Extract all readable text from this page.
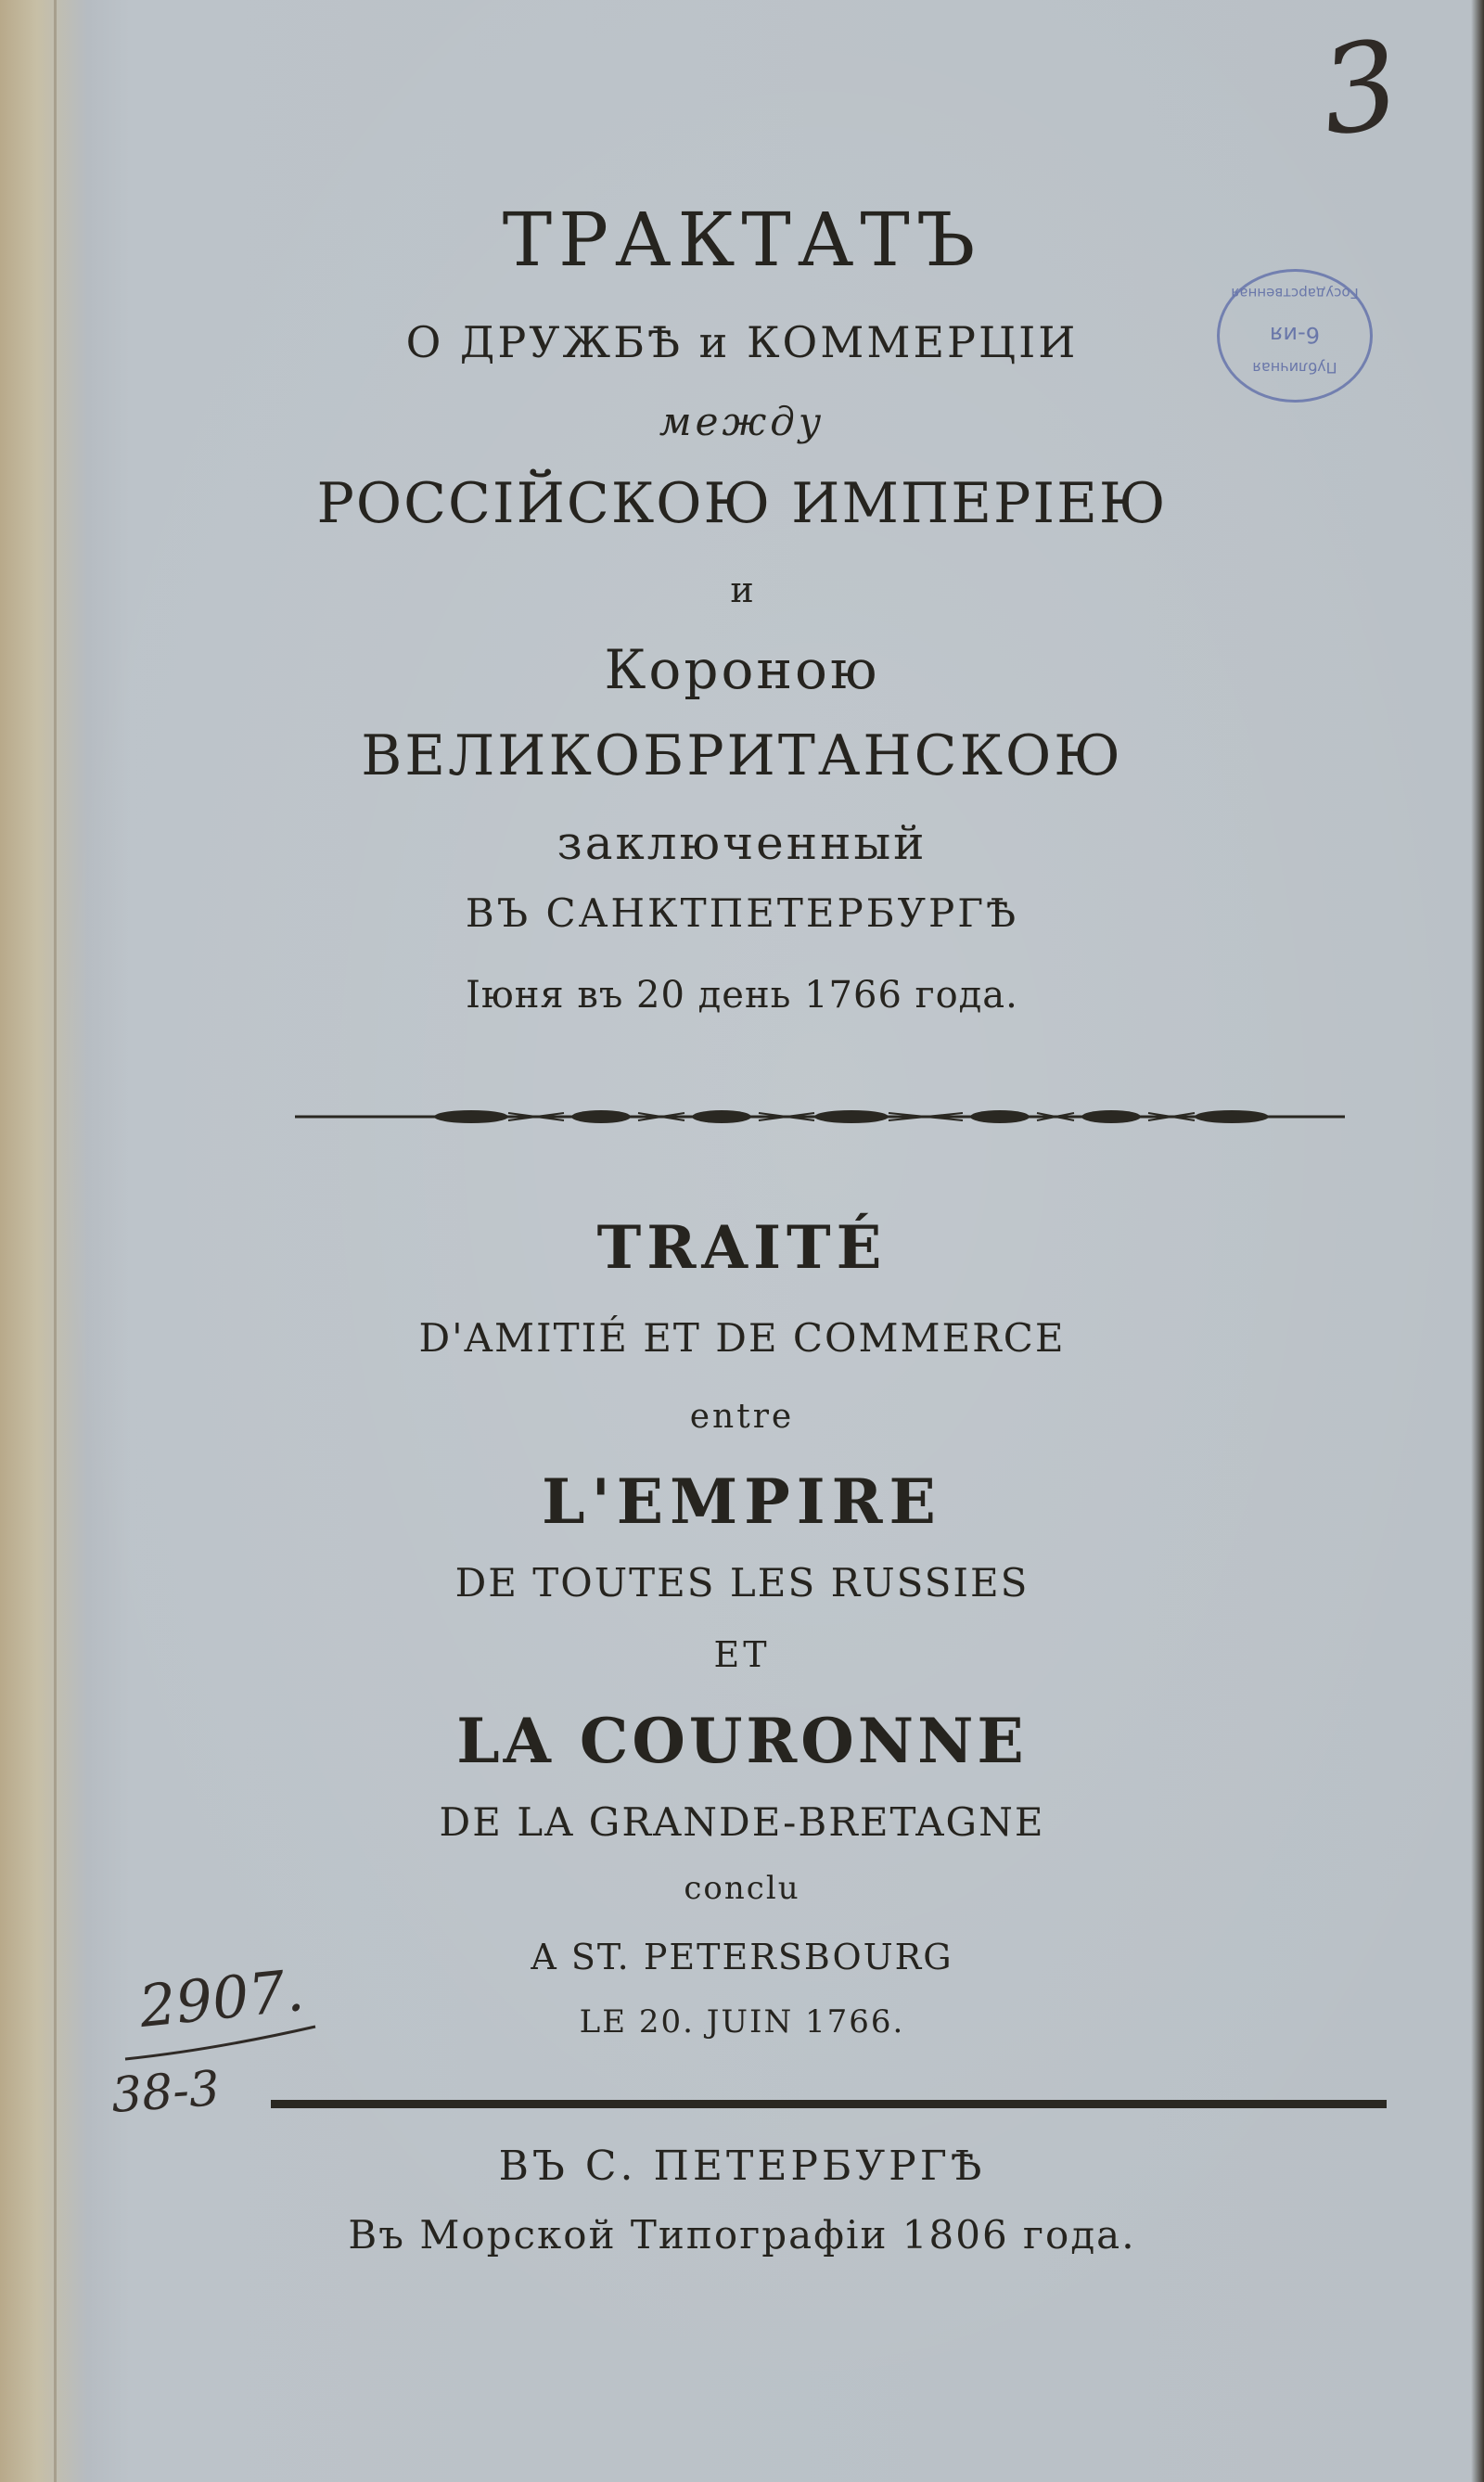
3
Государственная
6-ия
Публичная
ТРАКТАТЪ
О ДРУЖБѢ и КОММЕРЦІИ
между
РОССІЙСКОЮ ИМПЕРІЕЮ
и
Короною
ВЕЛИКОБРИТАНСКОЮ
заключенный
ВЪ САНКТПЕТЕРБУРГѢ
Іюня въ 20 день 1766 года.
TRAITÉ
D'AMITIÉ ET DE COMMERCE
entre
L'EMPIRE
DE TOUTES LES RUSSIES
ET
LA COURONNE
DE LA GRANDE-BRETAGNE
conclu
A ST. PETERSBOURG
LE 20. JUIN 1766.
2907.
38-3
ВЪ С. ПЕТЕРБУРГѢ
Въ Морской Типографіи 1806 года.
